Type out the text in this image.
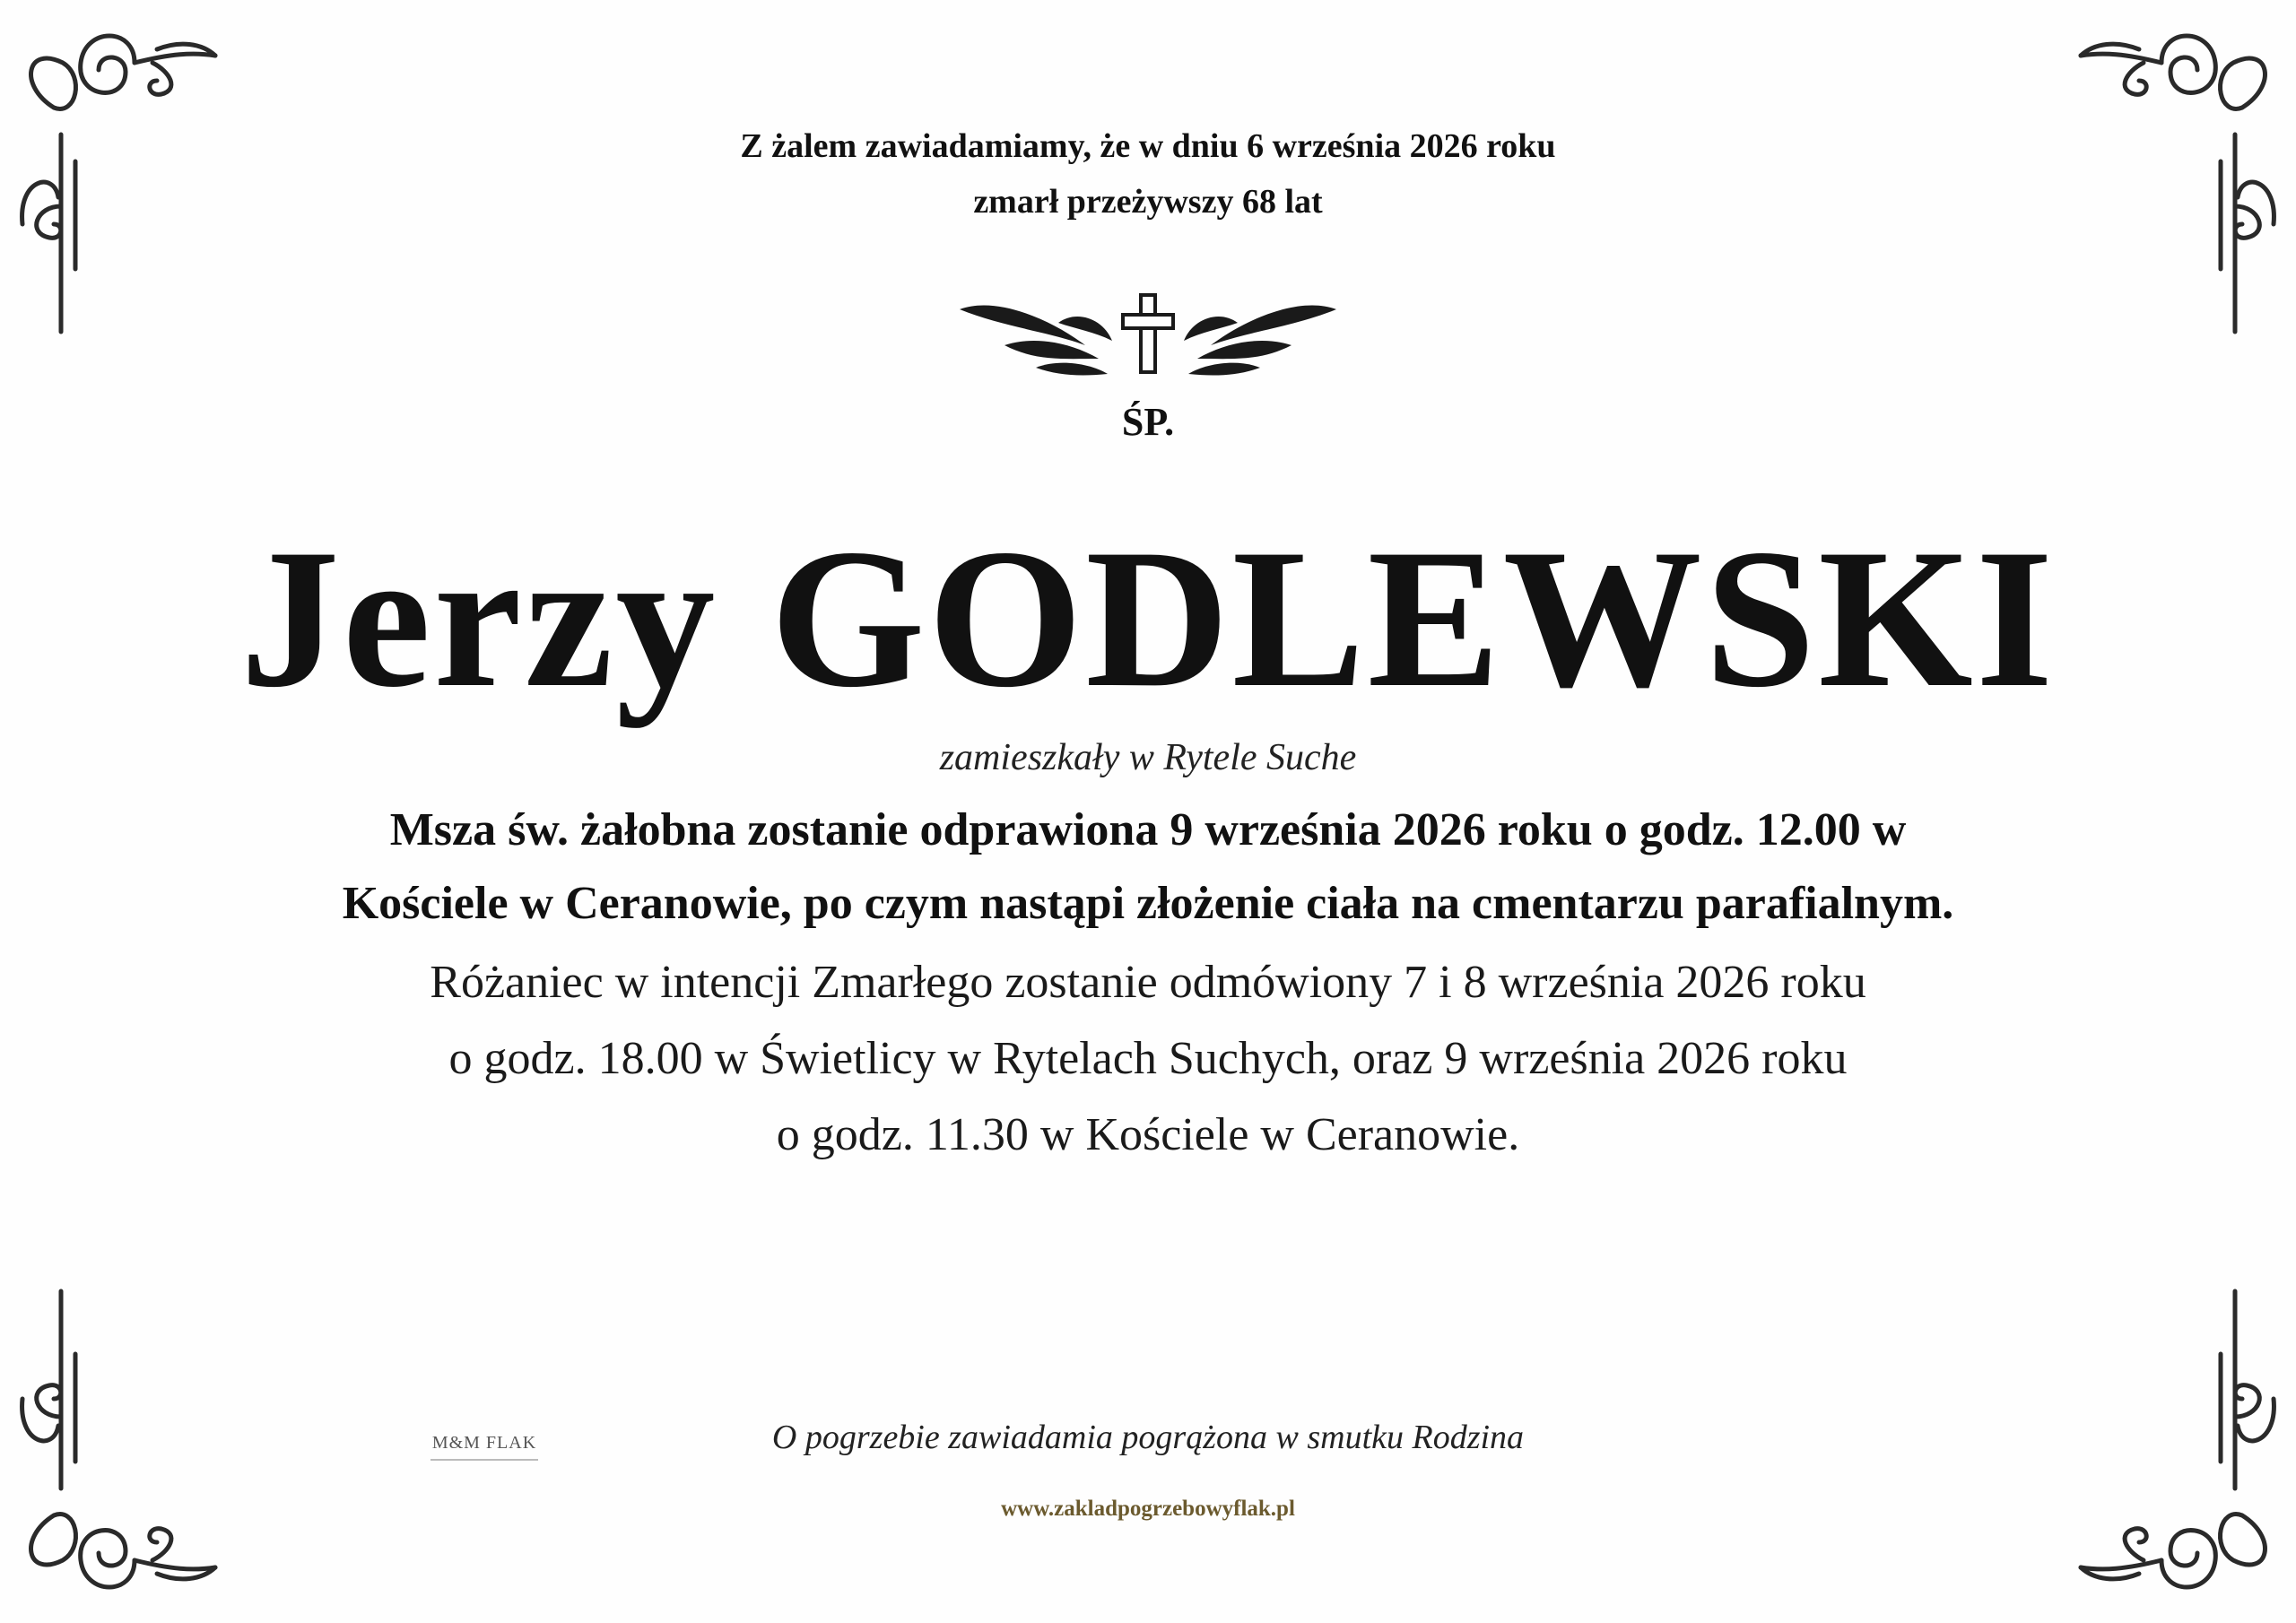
Z żalem zawiadamiamy, że w dniu 6 września 2026 roku
zmarł przeżywszy 68 lat
ŚP.
Jerzy GODLEWSKI
zamieszkały w Rytele Suche
Msza św. żałobna zostanie odprawiona 9 września 2026 roku o godz. 12.00 w
Kościele w Ceranowie, po czym nastąpi złożenie ciała na cmentarzu parafialnym.
Różaniec w intencji Zmarłego zostanie odmówiony 7 i 8 września 2026 roku
o godz. 18.00 w Świetlicy w Rytelach Suchych, oraz 9 września 2026 roku
o godz. 11.30 w Kościele w Ceranowie.
M&M FLAK	O pogrzebie zawiadamia pogrążona w smutku Rodzina
www.zakladpogrzebowyflak.pl
